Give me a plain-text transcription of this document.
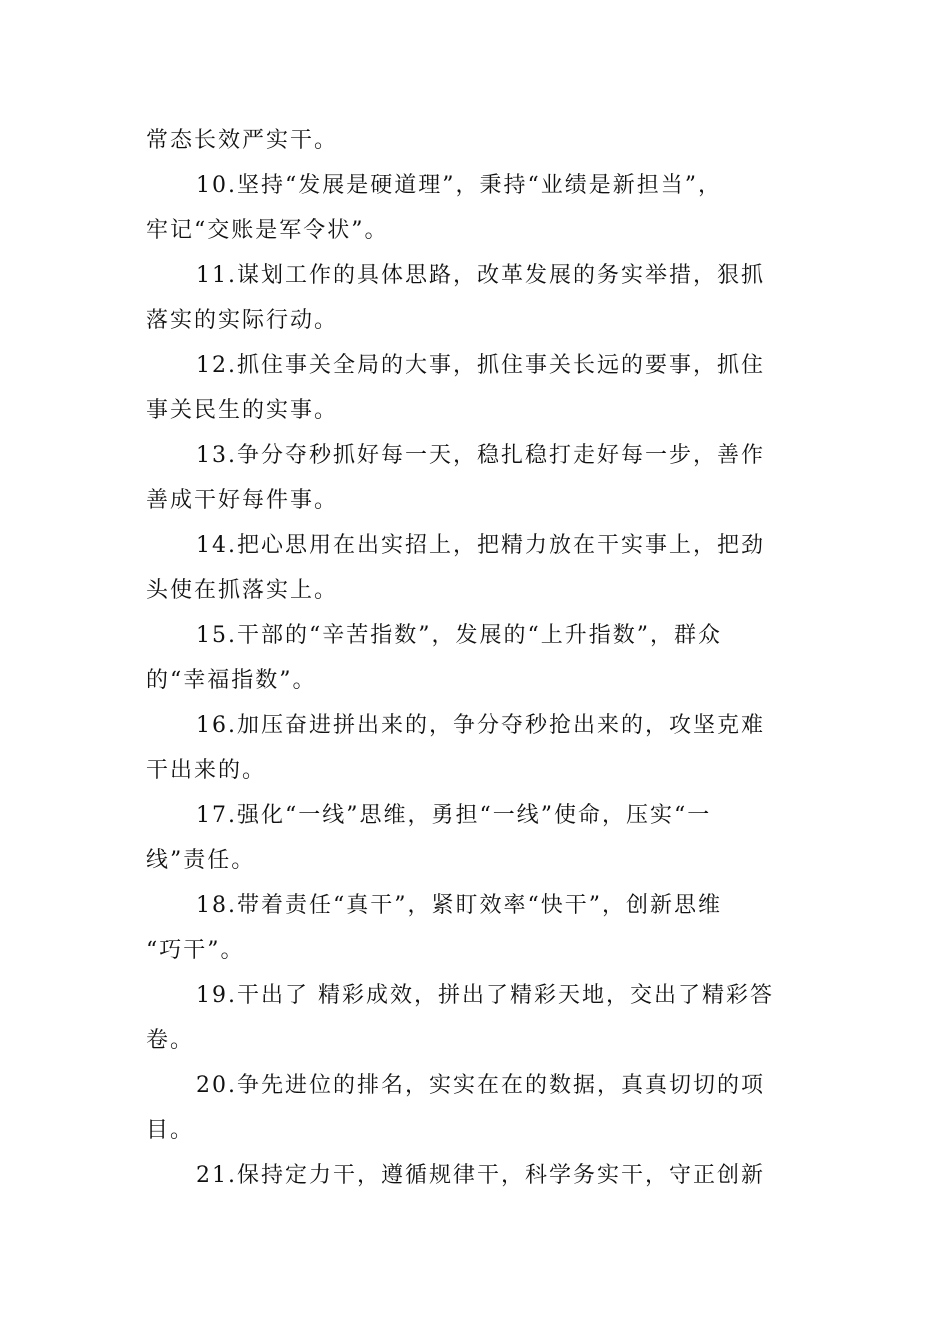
常态长效严实干。
10.坚持“发展是硬道理”，秉持“业绩是新担当”，
牢记“交账是军令状”。
11.谋划工作的具体思路，改革发展的务实举措，狠抓
落实的实际行动。
12.抓住事关全局的大事，抓住事关长远的要事，抓住
事关民生的实事。
13.争分夺秒抓好每一天，稳扎稳打走好每一步，善作
善成干好每件事。
14.把心思用在出实招上，把精力放在干实事上，把劲
头使在抓落实上。
15.干部的“辛苦指数”，发展的“上升指数”，群众
的“幸福指数”。
16.加压奋进拼出来的，争分夺秒抢出来的，攻坚克难
干出来的。
17.强化“一线”思维，勇担“一线”使命，压实“一
线”责任。
18.带着责任“真干”，紧盯效率“快干”，创新思维
“巧干”。
19.干出了 精彩成效，拼出了精彩天地，交出了精彩答
卷。
20.争先进位的排名，实实在在的数据，真真切切的项
目。
21.保持定力干，遵循规律干，科学务实干，守正创新
